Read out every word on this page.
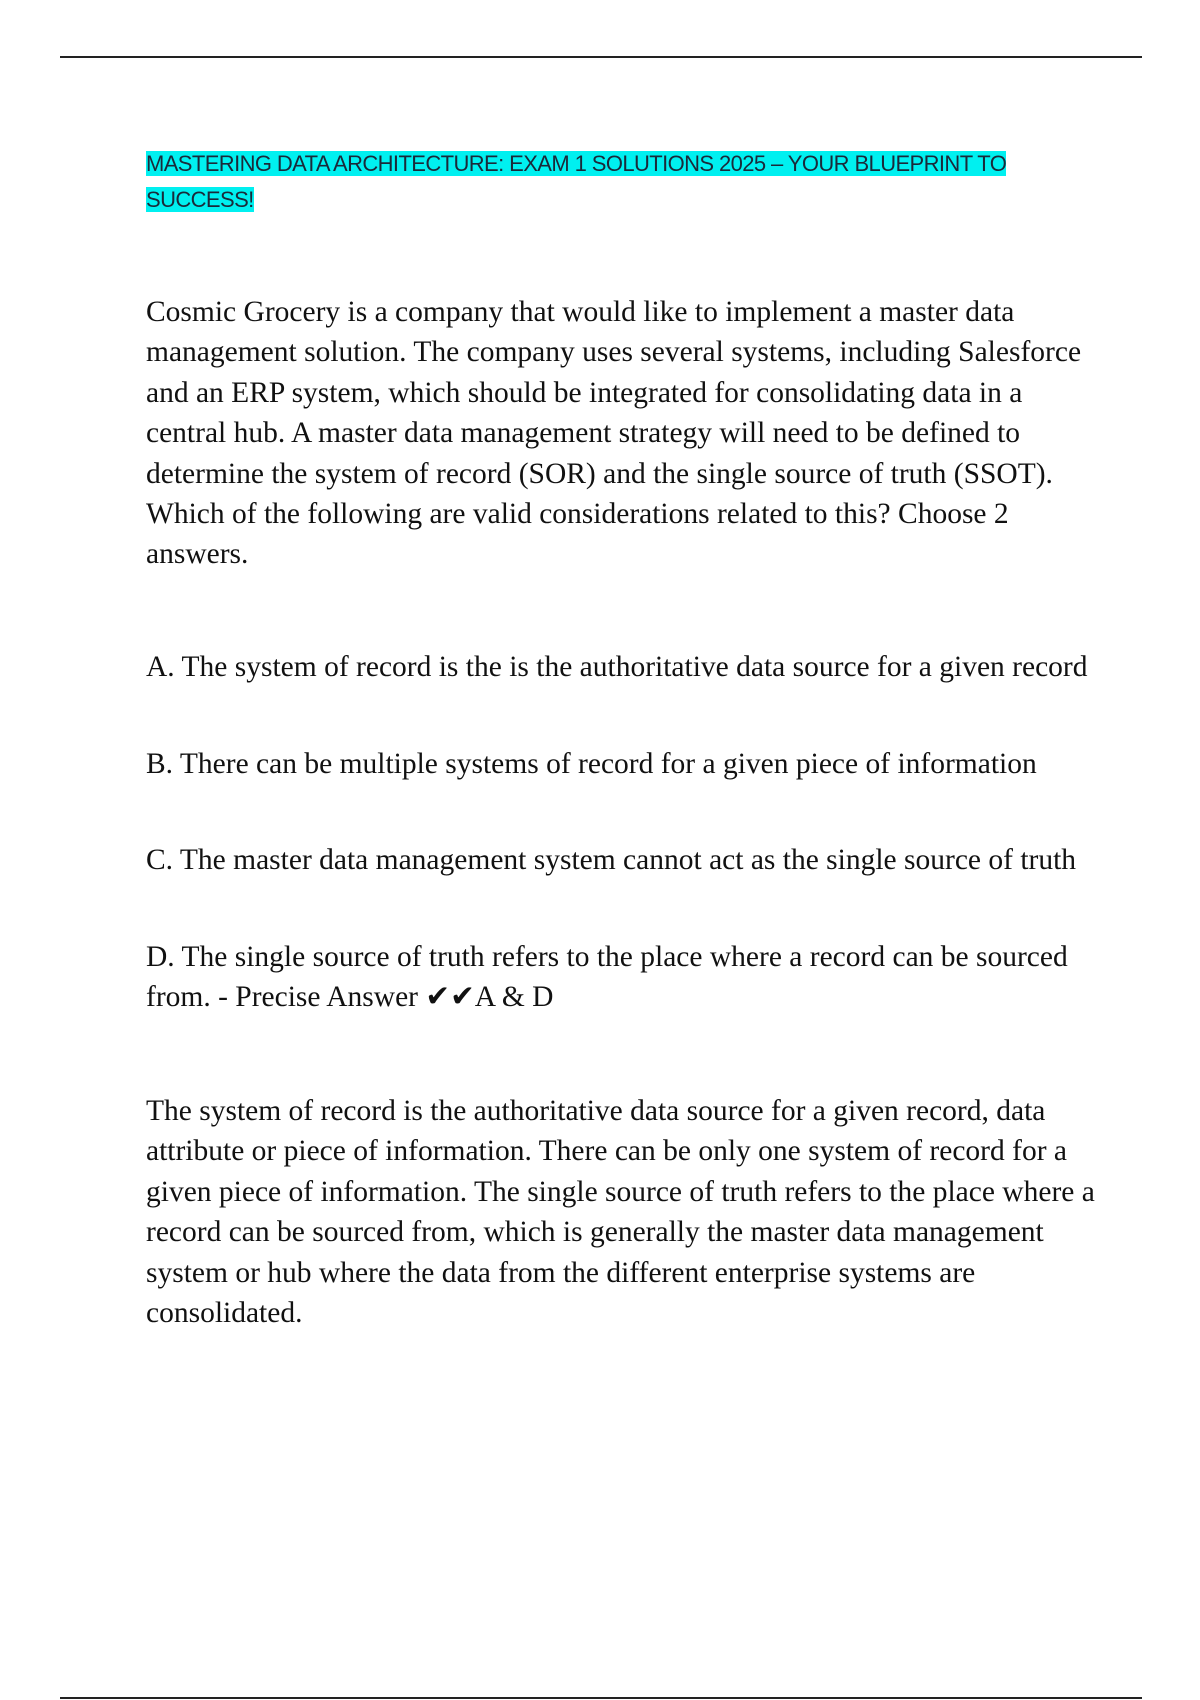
MASTERING DATA ARCHITECTURE: EXAM 1 SOLUTIONS 2025 – YOUR BLUEPRINT TO SUCCESS!
Cosmic Grocery is a company that would like to implement a master data management solution. The company uses several systems, including Salesforce and an ERP system, which should be integrated for consolidating data in a central hub. A master data management strategy will need to be defined to determine the system of record (SOR) and the single source of truth (SSOT). Which of the following are valid considerations related to this? Choose 2 answers.
A. The system of record is the is the authoritative data source for a given record
B. There can be multiple systems of record for a given piece of information
C. The master data management system cannot act as the single source of truth
D. The single source of truth refers to the place where a record can be sourced from. - Precise Answer ✔✔A & D
The system of record is the authoritative data source for a given record, data attribute or piece of information. There can be only one system of record for a given piece of information. The single source of truth refers to the place where a record can be sourced from, which is generally the master data management system or hub where the data from the different enterprise systems are consolidated.
